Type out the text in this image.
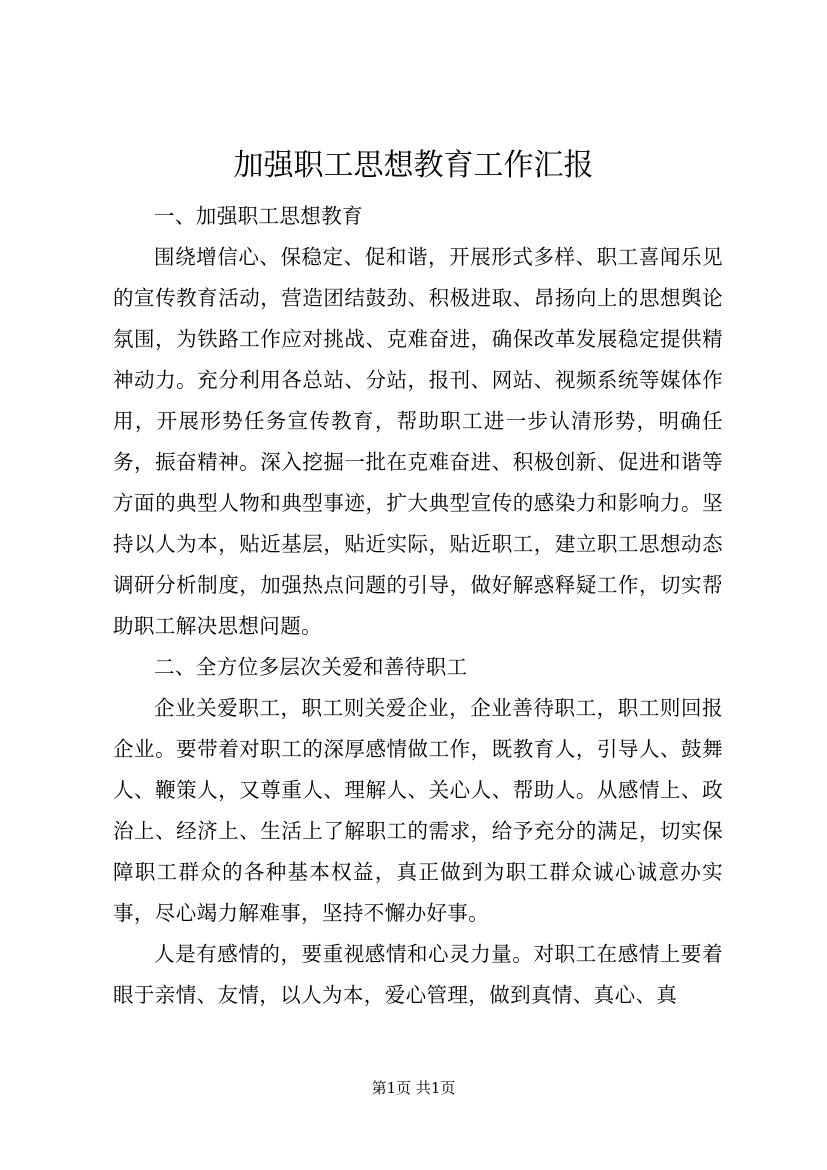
加强职工思想教育工作汇报

一、加强职工思想教育

围绕增信心、保稳定、促和谐，开展形式多样、职工喜闻乐见的宣传教育活动，营造团结鼓劲、积极进取、昂扬向上的思想舆论氛围，为铁路工作应对挑战、克难奋进，确保改革发展稳定提供精神动力。充分利用各总站、分站，报刊、网站、视频系统等媒体作用，开展形势任务宣传教育，帮助职工进一步认清形势，明确任务，振奋精神。深入挖掘一批在克难奋进、积极创新、促进和谐等方面的典型人物和典型事迹，扩大典型宣传的感染力和影响力。坚持以人为本，贴近基层，贴近实际，贴近职工，建立职工思想动态调研分析制度，加强热点问题的引导，做好解惑释疑工作，切实帮助职工解决思想问题。

二、全方位多层次关爱和善待职工

企业关爱职工，职工则关爱企业，企业善待职工，职工则回报企业。要带着对职工的深厚感情做工作，既教育人，引导人、鼓舞人、鞭策人，又尊重人、理解人、关心人、帮助人。从感情上、政治上、经济上、生活上了解职工的需求，给予充分的满足，切实保障职工群众的各种基本权益，真正做到为职工群众诚心诚意办实事，尽心竭力解难事，坚持不懈办好事。

人是有感情的，要重视感情和心灵力量。对职工在感情上要着眼于亲情、友情，以人为本，爱心管理，做到真情、真心、真

第1页 共1页
